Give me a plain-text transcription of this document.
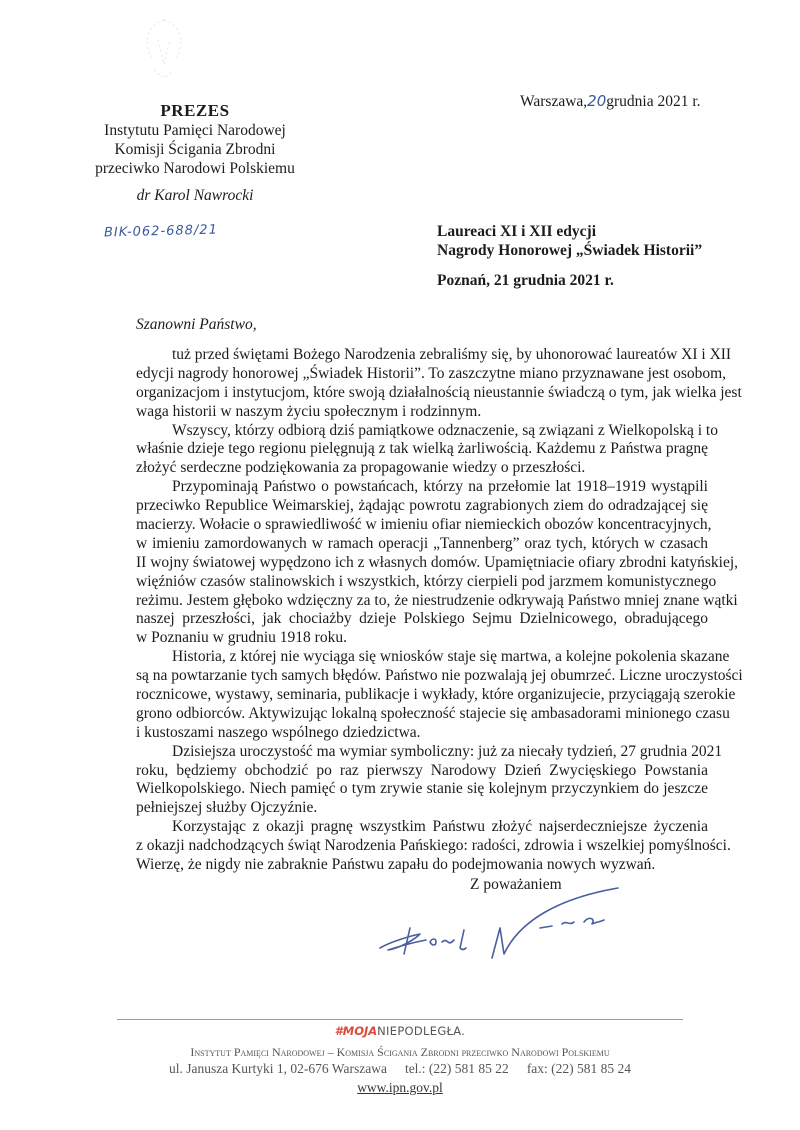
PREZES
Instytutu Pamięci Narodowej
Komisji Ścigania Zbrodni
przeciwko Narodowi Polskiemu
dr Karol Nawrocki
BIK-062-688/21
Warszawa,20grudnia 2021 r.
Laureaci XI i XII edycji
Nagrody Honorowej „Świadek Historii”
Poznań, 21 grudnia 2021 r.
Szanowni Państwo,
tuż przed świętami Bożego Narodzenia zebraliśmy się, by uhonorować laureatów XI i XII
edycji nagrody honorowej „Świadek Historii”. To zaszczytne miano przyznawane jest osobom,
organizacjom i instytucjom, które swoją działalnością nieustannie świadczą o tym, jak wielka jest
waga historii w naszym życiu społecznym i rodzinnym.
Wszyscy, którzy odbiorą dziś pamiątkowe odznaczenie, są związani z Wielkopolską i to
właśnie dzieje tego regionu pielęgnują z tak wielką żarliwością. Każdemu z Państwa pragnę
złożyć serdeczne podziękowania za propagowanie wiedzy o przeszłości.
Przypominają Państwo o powstańcach, którzy na przełomie lat 1918–1919 wystąpili
przeciwko Republice Weimarskiej, żądając powrotu zagrabionych ziem do odradzającej się
macierzy. Wołacie o sprawiedliwość w imieniu ofiar niemieckich obozów koncentracyjnych,
w imieniu zamordowanych w ramach operacji „Tannenberg” oraz tych, których w czasach
II wojny światowej wypędzono ich z własnych domów. Upamiętniacie ofiary zbrodni katyńskiej,
więźniów czasów stalinowskich i wszystkich, którzy cierpieli pod jarzmem komunistycznego
reżimu. Jestem głęboko wdzięczny za to, że niestrudzenie odkrywają Państwo mniej znane wątki
naszej przeszłości, jak chociażby dzieje Polskiego Sejmu Dzielnicowego, obradującego
w Poznaniu w grudniu 1918 roku.
Historia, z której nie wyciąga się wniosków staje się martwa, a kolejne pokolenia skazane
są na powtarzanie tych samych błędów. Państwo nie pozwalają jej obumrzeć. Liczne uroczystości
rocznicowe, wystawy, seminaria, publikacje i wykłady, które organizujecie, przyciągają szerokie
grono odbiorców. Aktywizując lokalną społeczność stajecie się ambasadorami minionego czasu
i kustoszami naszego wspólnego dziedzictwa.
Dzisiejsza uroczystość ma wymiar symboliczny: już za niecały tydzień, 27 grudnia 2021
roku, będziemy obchodzić po raz pierwszy Narodowy Dzień Zwycięskiego Powstania
Wielkopolskiego. Niech pamięć o tym zrywie stanie się kolejnym przyczynkiem do jeszcze
pełniejszej służby Ojczyźnie.
Korzystając z okazji pragnę wszystkim Państwu złożyć najserdeczniejsze życzenia
z okazji nadchodzących świąt Narodzenia Pańskiego: radości, zdrowia i wszelkiej pomyślności.
Wierzę, że nigdy nie zabraknie Państwu zapału do podejmowania nowych wyzwań.
Z poważaniem
#MOJANIEPODLEGŁA.
Instytut Pamięci Narodowej – Komisja Ścigania Zbrodni przeciwko Narodowi Polskiemu
ul. Janusza Kurtyki 1, 02-676 Warszawa tel.: (22) 581 85 22 fax: (22) 581 85 24
www.ipn.gov.pl
